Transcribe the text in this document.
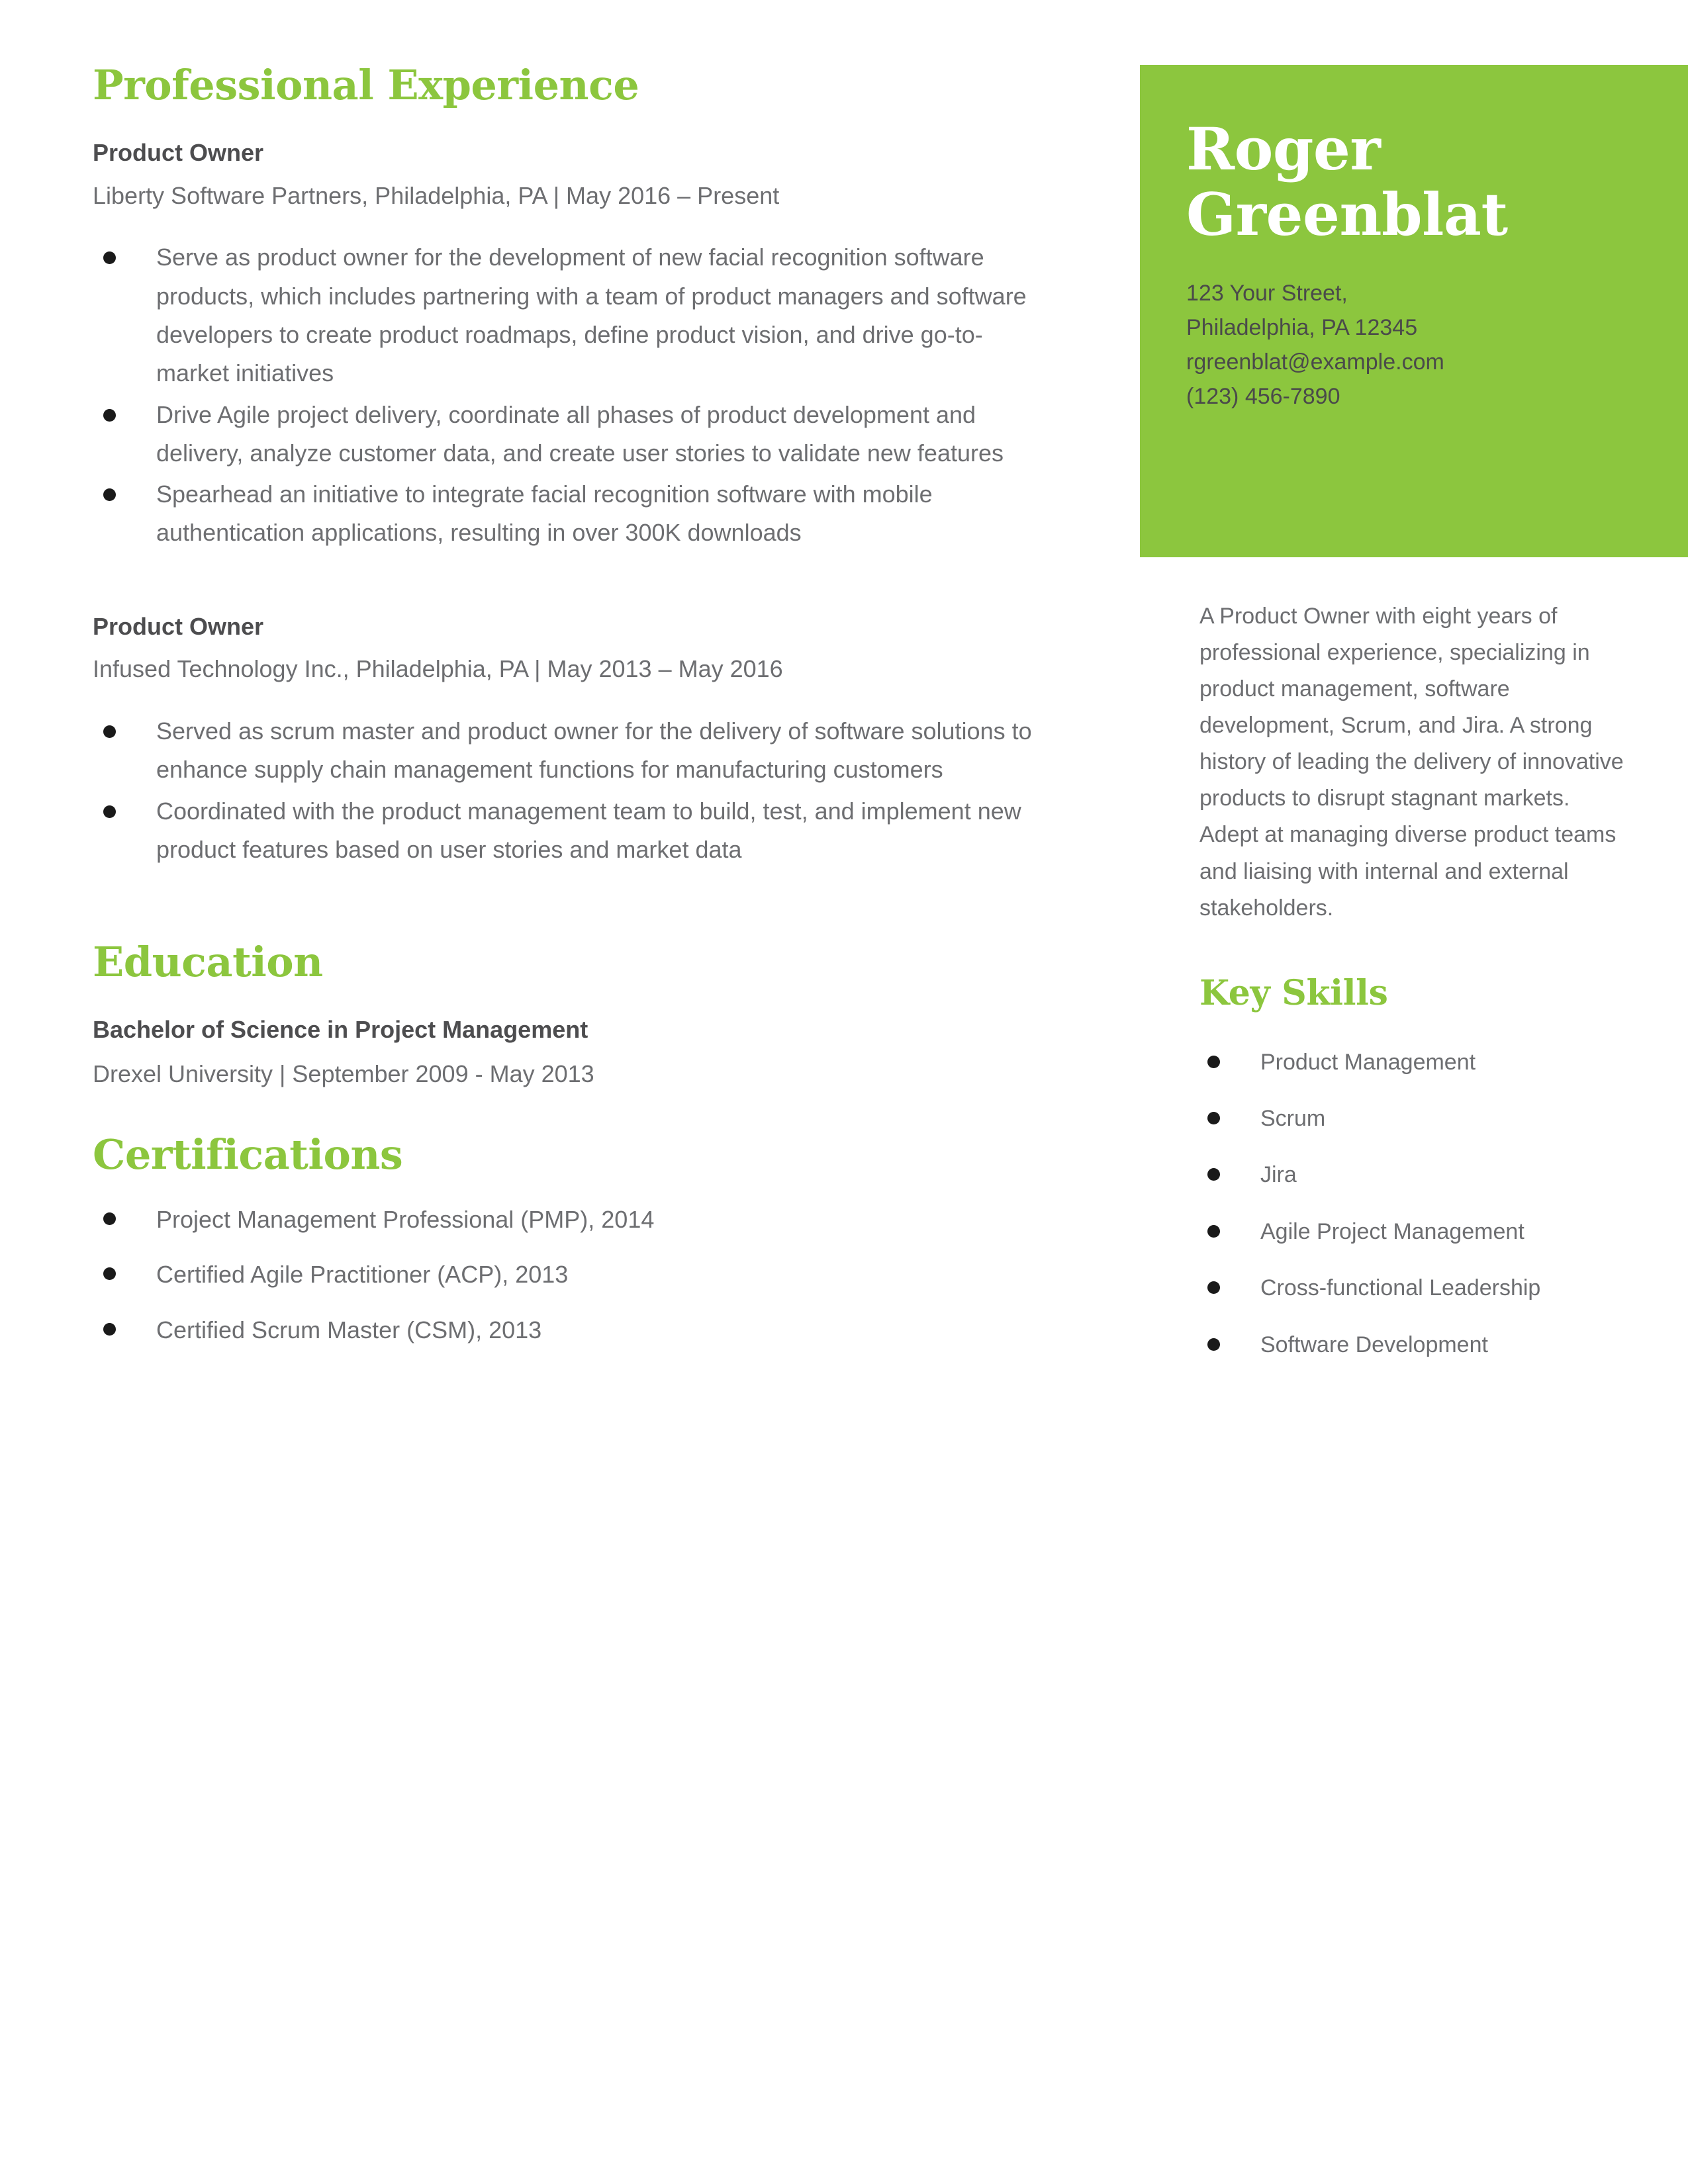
Professional Experience
Product Owner
Liberty Software Partners, Philadelphia, PA | May 2016 – Present
Serve as product owner for the development of new facial recognition software products, which includes partnering with a team of product managers and software developers to create product roadmaps, define product vision, and drive go-to-market initiatives
Drive Agile project delivery, coordinate all phases of product development and delivery, analyze customer data, and create user stories to validate new features
Spearhead an initiative to integrate facial recognition software with mobile authentication applications, resulting in over 300K downloads
Product Owner
Infused Technology Inc., Philadelphia, PA | May 2013 – May 2016
Served as scrum master and product owner for the delivery of software solutions to enhance supply chain management functions for manufacturing customers
Coordinated with the product management team to build, test, and implement new product features based on user stories and market data
Education
Bachelor of Science in Project Management
Drexel University | September 2009 - May 2013
Certifications
Project Management Professional (PMP), 2014
Certified Agile Practitioner (ACP), 2013
Certified Scrum Master (CSM), 2013
Roger
Greenblat
123 Your Street,
Philadelphia, PA 12345
rgreenblat@example.com
(123) 456-7890

A Product Owner with eight years of professional experience, specializing in product management, software development, Scrum, and Jira. A strong history of leading the delivery of innovative products to disrupt stagnant markets. Adept at managing diverse product teams and liaising with internal and external stakeholders.

Key Skills
Product Management
Scrum
Jira
Agile Project Management
Cross-functional Leadership
Software Development
